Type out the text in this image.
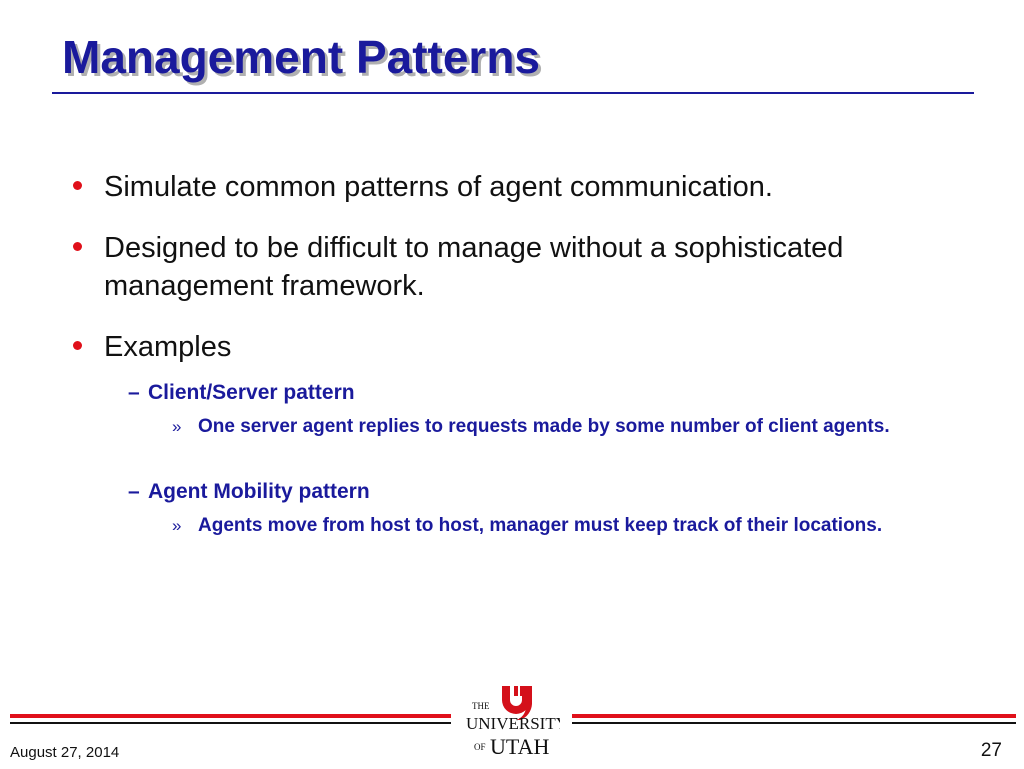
Management Patterns
Simulate common patterns of agent communication.
Designed to be difficult to manage without a sophisticated management framework.
Examples
– Client/Server pattern
» One server agent replies to requests made by some number of client agents.
– Agent Mobility pattern
» Agents move from host to host, manager must keep track of their locations.
THE
UNIVERSITY
OF UTAH
August 27, 2014	27
